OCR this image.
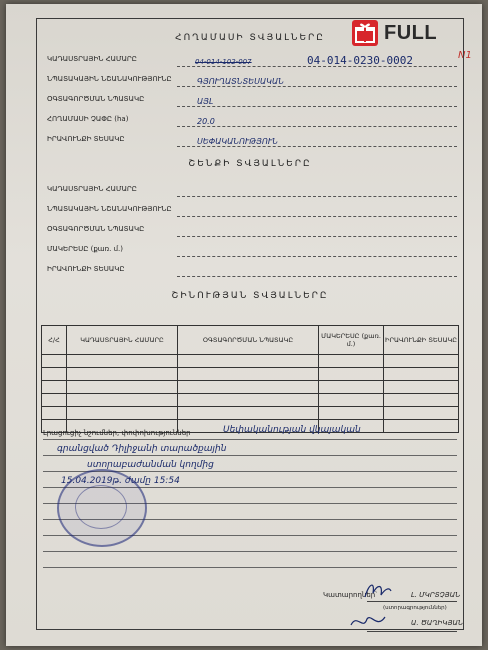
FULL
N1
ՀՈՂԱՄԱՍԻ ՏՎՅԱԼՆԵՐԸ
ԿԱԴԱՍՏՐԱՅԻՆ ՀԱՄԱՐԸ	04-014-102-007	04-014-0230-0002
ՆՊԱՏԱԿԱՅԻՆ ՆՇԱՆԱԿՈՒԹՅՈՒՆԸ	ԳՅՈՒՂԱՏՆՏԵՍԱԿԱՆ
ՕԳՏԱԳՈՐԾՄԱՆ ՆՊԱՏԱԿԸ	ԱՅԼ
ՀՈՂԱՄԱՍԻ ՉԱՓԸ (ha)	20.0
ԻՐԱՎՈՒՆՔԻ ՏԵՍԱԿԸ	ՍԵՓԱԿԱՆՈՒԹՅՈՒՆ
ՇԵՆՔԻ ՏՎՅԱԼՆԵՐԸ
ԿԱԴԱՍՏՐԱՅԻՆ ՀԱՄԱՐԸ
ՆՊԱՏԱԿԱՅԻՆ ՆՇԱՆԱԿՈՒԹՅՈՒՆԸ
ՕԳՏԱԳՈՐԾՄԱՆ ՆՊԱՏԱԿԸ
ՄԱԿԵՐԵՍԸ (քառ. մ.)
ԻՐԱՎՈՒՆՔԻ ՏԵՍԱԿԸ
ՇԻՆՈՒԹՅԱՆ ՏՎՅԱԼՆԵՐԸ
Հ/Հ	ԿԱԴԱՍՏՐԱՅԻՆ ՀԱՄԱՐԸ	ՕԳՏԱԳՈՐԾՄԱՆ ՆՊԱՏԱԿԸ	ՄԱԿԵՐԵՍԸ (քառ. մ.)	ԻՐԱՎՈՒՆՔԻ ՏԵՍԱԿԸ

Լրացուցիչ նշումներ, փոփոխություններ	Սեփականության վկայական
գրանցված Դիլիջանի տարածքային
ստորաբաժանման կողմից
15.04.2019թ. ժամը 15:54
Կատարողներ՝	Լ. ՄԿՐՏՉՅԱՆ
(ստորագրություններ)
Ա. ԾԱՂԻԿՅԱՆ
